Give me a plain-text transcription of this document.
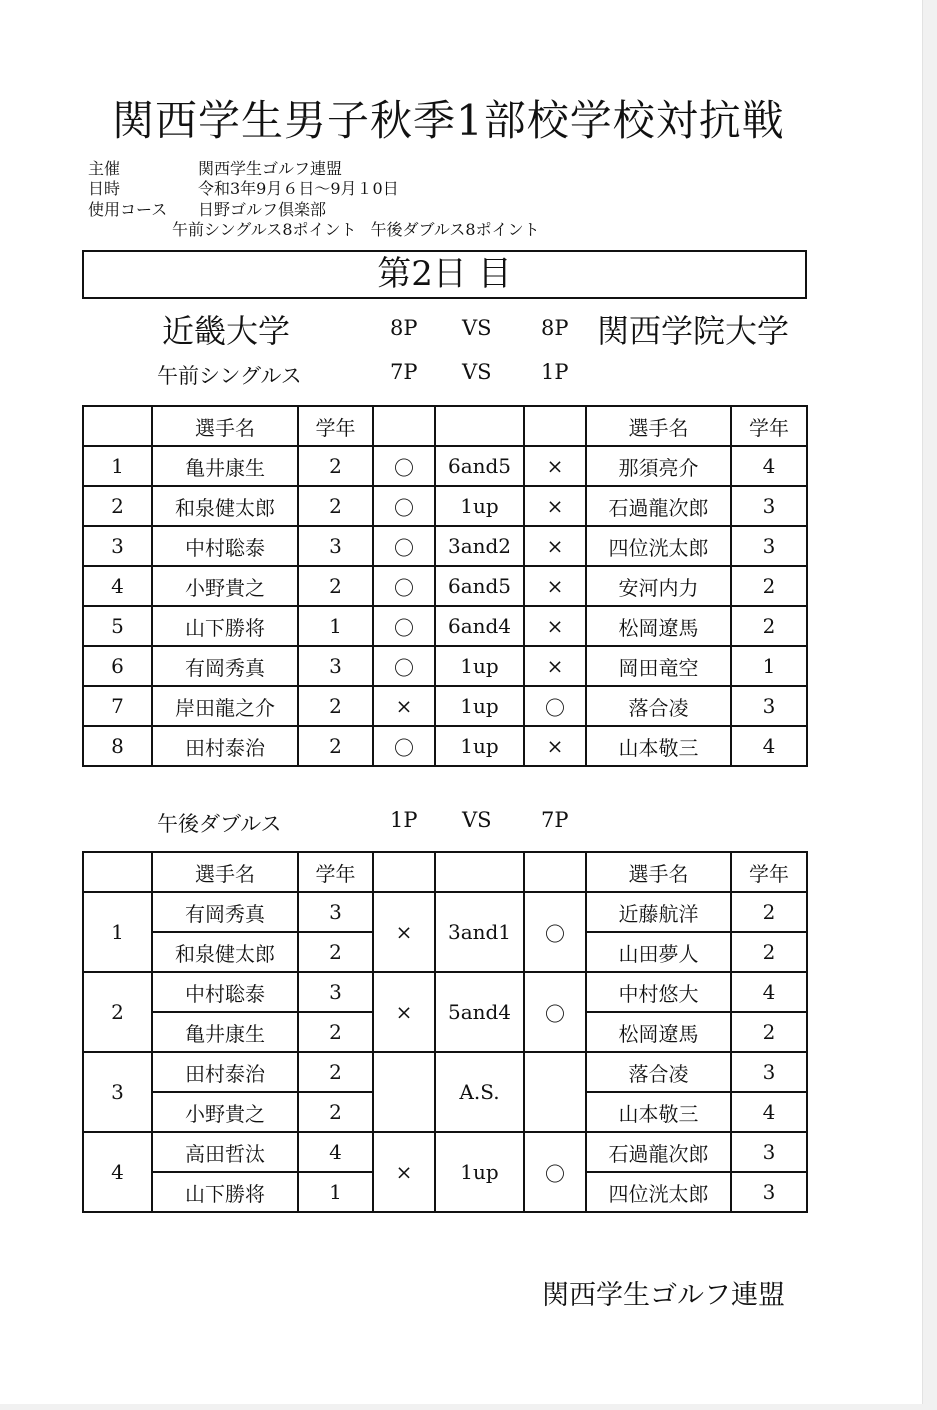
関西学生男子秋季1部校学校対抗戦
主催	関西学生ゴルフ連盟
日時	令和3年9月６日～9月１0日
使用コース 日野ゴルフ倶楽部
午前シングルス8ポイント 午後ダブルス8ポイント
第2日 目
近畿大学	8P VS 8P 関西学院大学
午前シングルス	7P VS 1P
	選手名	学年				選手名	学年
1	亀井康生	2	〇	6and5	×	那須亮介	4
2	和泉健太郎	2	〇	1up	×	石過龍次郎	3
3	中村聡泰	3	〇	3and2	×	四位洸太郎	3
4	小野貴之	2	〇	6and5	×	安河内力	2
5	山下勝将	1	〇	6and4	×	松岡遼馬	2
6	有岡秀真	3	〇	1up	×	岡田竜空	1
7	岸田龍之介	2	×	1up	〇	落合凌	3
8	田村泰治	2	〇	1up	×	山本敬三	4
午後ダブルス	1P VS 7P
	選手名	学年				選手名	学年
1	有岡秀真	3	×	3and1	〇	近藤航洋	2
	和泉健太郎	2				山田夢人	2
2	中村聡泰	3	×	5and4	〇	中村悠大	4
	亀井康生	2				松岡遼馬	2
3	田村泰治	2		A.S.		落合凌	3
	小野貴之	2				山本敬三	4
4	高田哲汰	4	×	1up	〇	石過龍次郎	3
	山下勝将	1				四位洸太郎	3
関西学生ゴルフ連盟
